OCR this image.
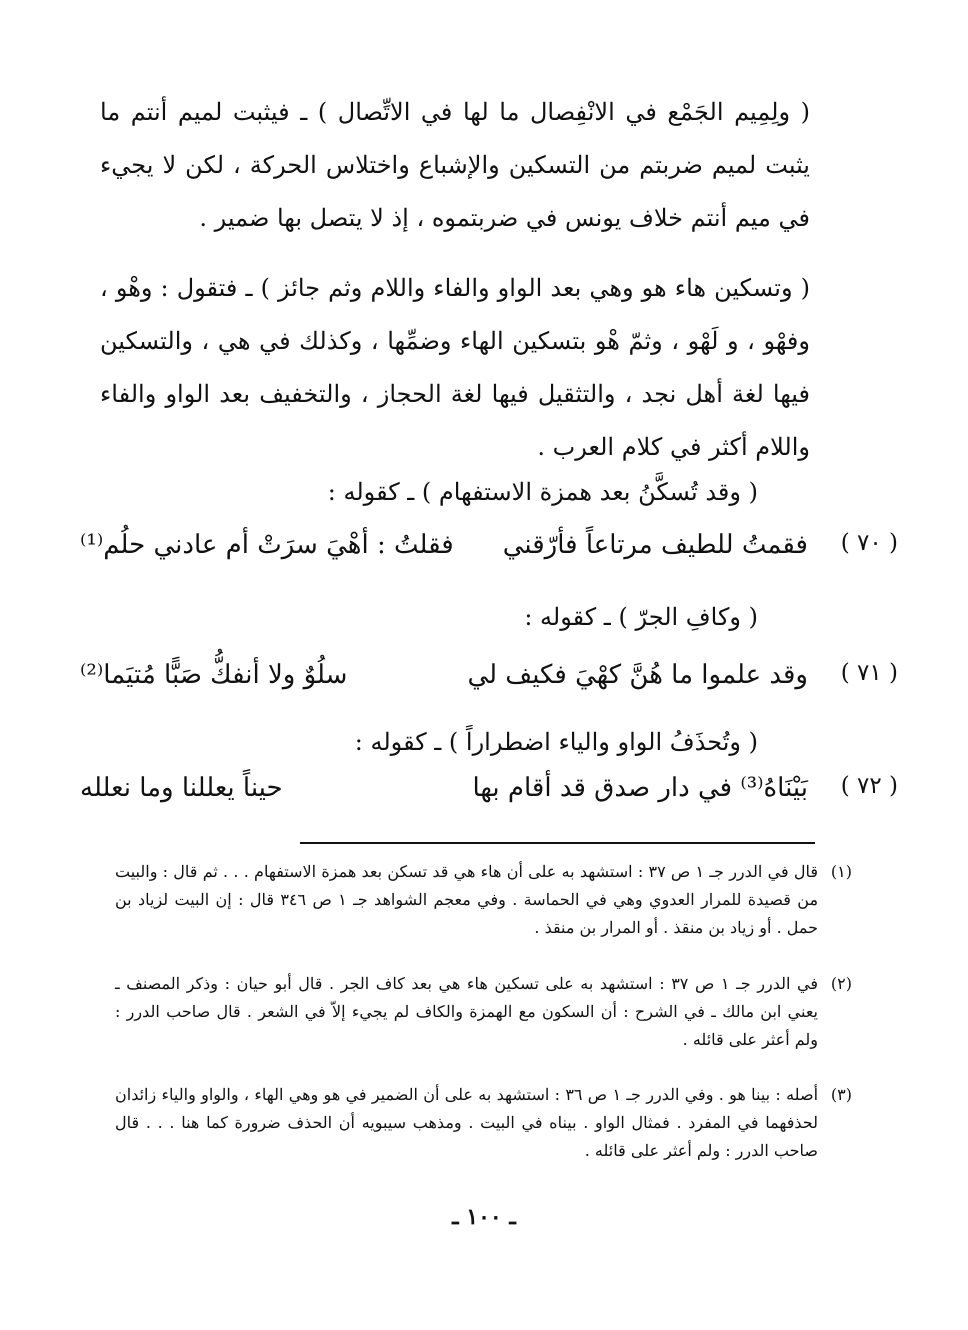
( ولِمِيم الجَمْع في الانْفِصال ما لها في الاتِّصال ) ـ فيثبت لميم أنتم ما يثبت لميم ضربتم من التسكين والإشباع واختلاس الحركة ، لكن لا يجيء في ميم أنتم خلاف يونس في ضربتموه ، إذ لا يتصل بها ضمير .
( وتسكين هاء هو وهي بعد الواو والفاء واللام وثم جائز ) ـ فتقول : وهْو ، وفهْو ، و لَهْو ، وثمّ هْو بتسكين الهاء وضمِّها ، وكذلك في هي ، والتسكين فيها لغة أهل نجد ، والتثقيل فيها لغة الحجاز ، والتخفيف بعد الواو والفاء واللام أكثر في كلام العرب .
( وقد تُسكَّنُ بعد همزة الاستفهام ) ـ كقوله :
( ٧٠ )
فقمتُ للطيف مرتاعاً فأرّقني
فقلتُ : أهْيَ سرَتْ أم عادني حلُم⁽¹⁾
( وكافِ الجرّ ) ـ كقوله :
( ٧١ )
وقد علموا ما هُنَّ كهْيَ فكيف لي
سلُوٌ ولا أنفكُّ صَبًّا مُتيَما⁽²⁾
( وتُحذَفُ الواو والياء اضطراراً ) ـ كقوله :
( ٧٢ )
بَيْنَاهُ⁽³⁾ في دار صدق قد أقام بها
حيناً يعللنا وما نعلله
(١)
قال في الدرر جـ ١ ص ٣٧ : استشهد به على أن هاء هي قد تسكن بعد همزة الاستفهام . . . ثم قال : والبيت من قصيدة للمرار العدوي وهي في الحماسة . وفي معجم الشواهد جـ ١ ص ٣٤٦ قال : إن البيت لزياد بن حمل . أو زياد بن منقذ . أو المرار بن منقذ .
(٢)
في الدرر جـ ١ ص ٣٧ : استشهد به على تسكين هاء هي بعد كاف الجر . قال أبو حيان : وذكر المصنف ـ يعني ابن مالك ـ في الشرح : أن السكون مع الهمزة والكاف لم يجيء إلاّ في الشعر . قال صاحب الدرر : ولم أعثر على قائله .
(٣)
أصله : بينا هو . وفي الدرر جـ ١ ص ٣٦ : استشهد به على أن الضمير في هو وهي الهاء ، والواو والياء زائدان لحذفهما في المفرد . فمثال الواو . بيناه في البيت . ومذهب سيبويه أن الحذف ضرورة كما هنا . . . قال صاحب الدرر : ولم أعثر على قائله .
ـ ١٠٠ ـ
